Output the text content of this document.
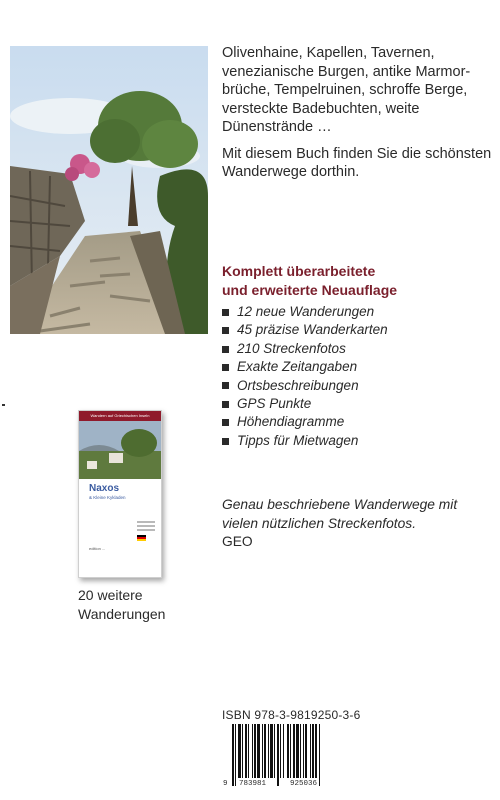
Olivenhaine, Kapellen, Tavernen, venezianische Burgen, antike Marmorbrüche, Tempelruinen, schroffe Berge, versteckte Badebuchten, weite Dünenstrände …

Mit diesem Buch finden Sie die schönsten Wanderwege dorthin.

Komplett überarbeitete
und erweiterte Neuauflage
12 neue Wanderungen
45 präzise Wanderkarten
210 Streckenfotos
Exakte Zeitangaben
Ortsbeschreibungen
GPS Punkte
Höhendiagramme
Tipps für Mietwagen
Genau beschriebene Wanderwege mit vielen nützlichen Streckenfotos.
GEO
Wandern auf Griechischen Inseln
Naxos
& Kleine Kykladen
edition ...
20 weitere
Wanderungen
ISBN 978-3-9819250-3-6
9 783981	925036
